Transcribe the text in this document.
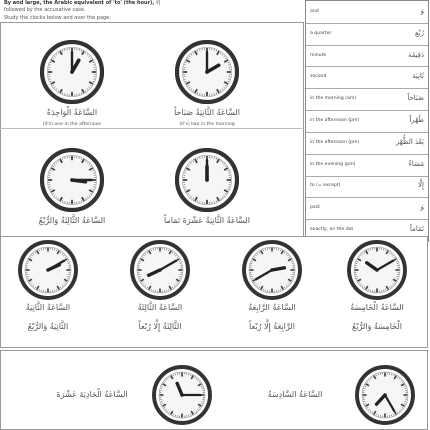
By and large, the Arabic equivalent of 'to' (the hour), إلا
followed by the accusative case.
Study the clocks below and over the page:
and	وَ
a quarter	رُبْع
minute	دَقِيقَة
second	ثَانِيَة
in the morning (am)	صَبَاحاً
in the afternoon (pm)	ظُهْراً
in the afternoon (pm)	بَعْدَ الظُّهْر
in the evening (pm)	مَسَاءً
to (= except)	إِلَّا
past	وَ
exactly, on the dot	تَمَاماً
السَّاعَةُ الْوَاحِدَةُ
(it's) one in the afternoon
السَّاعَةُ الثَّانِيَةُ صَبَاحاً
(it's) two in the morning
السَّاعَةُ الثَّالِثَةُ وَالرُّبْعُ	السَّاعَةُ الثَّانِيَةُ عَشْرَةَ تَمَاماً
السَّاعَةُ الثَّانِيَةُ
الثَّانِيَةُ وَالرُّبْعُ
السَّاعَةُ الثَّالِثَةُ
الثَّالِثَةُ إِلَّا رُبْعاً
السَّاعَةُ الرَّابِعَةُ
الرَّابِعَةُ إِلَّا رُبْعاً
السَّاعَةُ الْخَامِسَةُ
الْخَامِسَةُ وَالرُّبْعُ
السَّاعَةُ الْحَادِيَةَ عَشْرَةَ	السَّاعَةُ السَّادِسَةُ
